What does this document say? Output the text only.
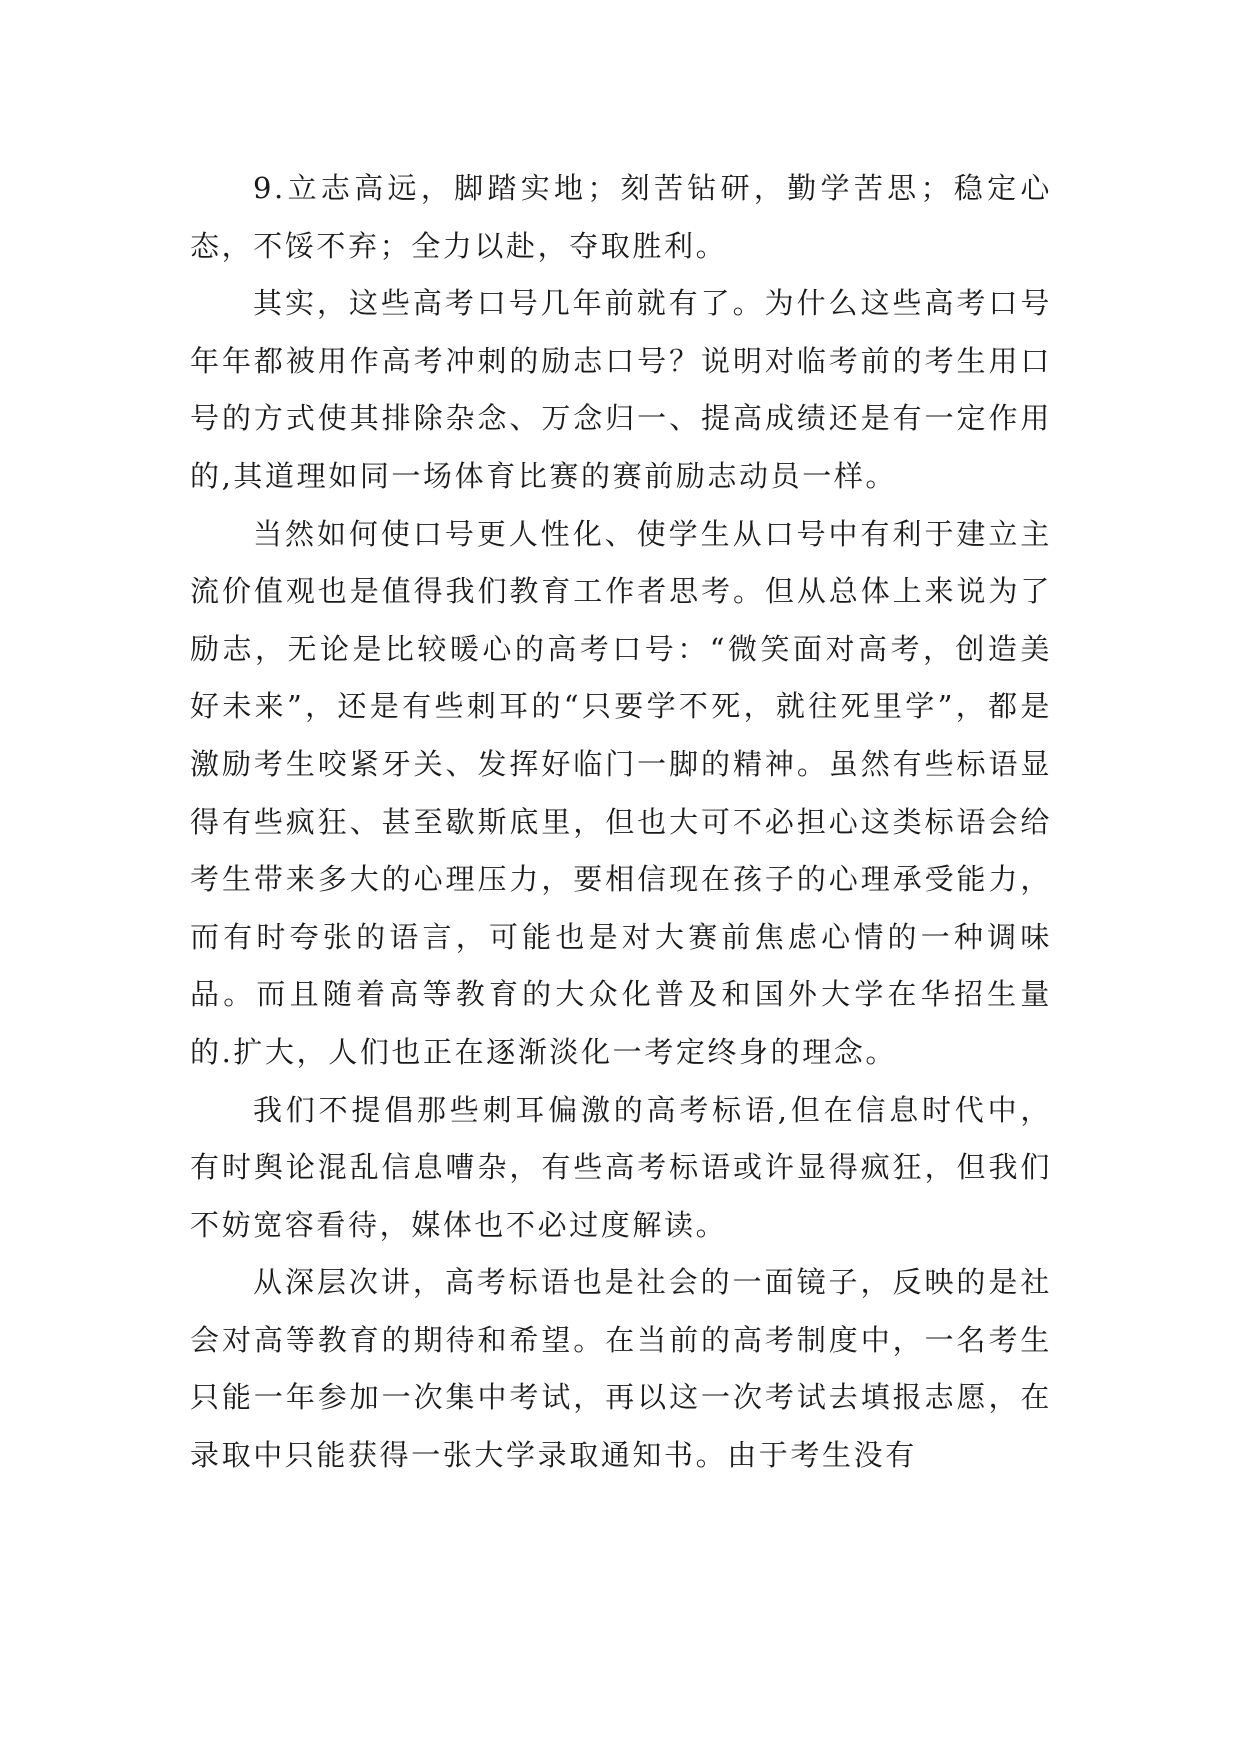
9.立志高远，脚踏实地；刻苦钻研，勤学苦思；稳定心态，不馁不弃；全力以赴，夺取胜利。

其实，这些高考口号几年前就有了。为什么这些高考口号年年都被用作高考冲刺的励志口号？说明对临考前的考生用口号的方式使其排除杂念、万念归一、提高成绩还是有一定作用的,其道理如同一场体育比赛的赛前励志动员一样。

当然如何使口号更人性化、使学生从口号中有利于建立主流价值观也是值得我们教育工作者思考。但从总体上来说为了励志，无论是比较暖心的高考口号：“微笑面对高考，创造美好未来”，还是有些刺耳的“只要学不死，就往死里学”，都是激励考生咬紧牙关、发挥好临门一脚的精神。虽然有些标语显得有些疯狂、甚至歇斯底里，但也大可不必担心这类标语会给考生带来多大的心理压力，要相信现在孩子的心理承受能力，而有时夸张的语言，可能也是对大赛前焦虑心情的一种调味品。而且随着高等教育的大众化普及和国外大学在华招生量的.扩大，人们也正在逐渐淡化一考定终身的理念。

我们不提倡那些刺耳偏激的高考标语,但在信息时代中，有时舆论混乱信息嘈杂，有些高考标语或许显得疯狂，但我们不妨宽容看待，媒体也不必过度解读。

从深层次讲，高考标语也是社会的一面镜子，反映的是社会对高等教育的期待和希望。在当前的高考制度中，一名考生只能一年参加一次集中考试，再以这一次考试去填报志愿，在录取中只能获得一张大学录取通知书。由于考生没有
